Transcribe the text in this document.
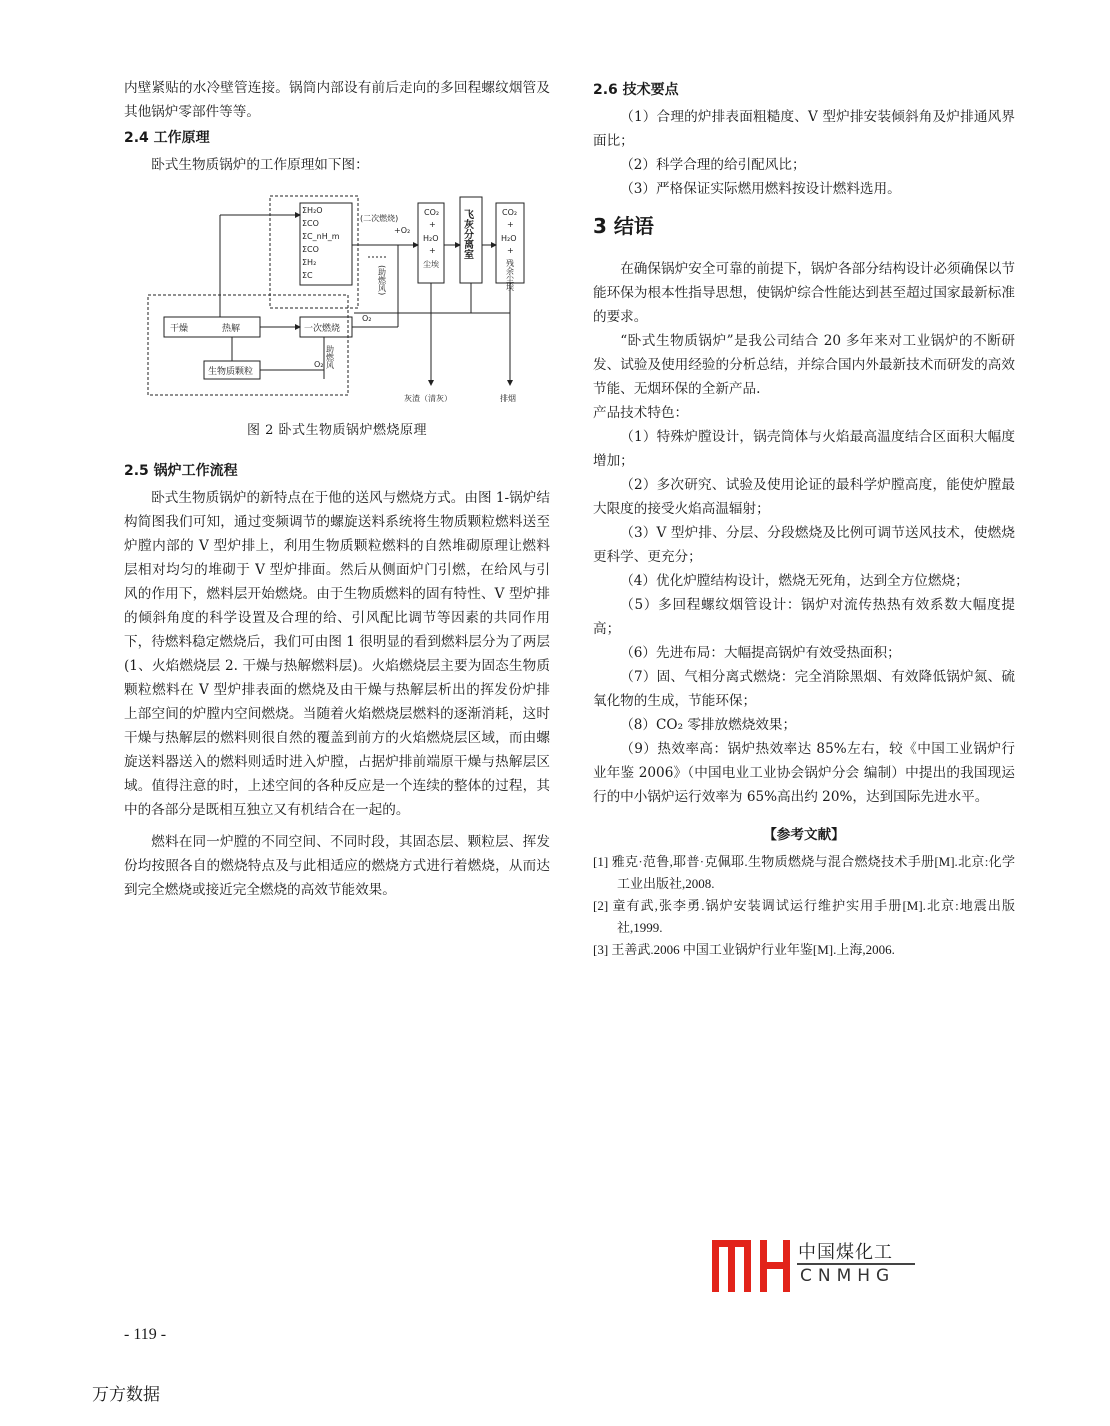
内壁紧贴的水冷壁管连接。锅筒内部设有前后走向的多回程螺纹烟管及其他锅炉零部件等等。

2.4 工作原理

卧式生物质锅炉的工作原理如下图：

ΣH₂O
ΣCO
ΣC_nH_m
ΣCO
ΣH₂
ΣC
(二次燃烧)
+O₂
(助燃风)
CO₂
+
H₂O
+
尘埃
飞灰分离室	CO₂
+
H₂O
+
残余尘埃
干燥	热解	一次燃烧
O₂
助燃风
生物质颗粒
O₂
灰渣（清灰）	排烟
图 2 卧式生物质锅炉燃烧原理
2.5 锅炉工作流程

卧式生物质锅炉的新特点在于他的送风与燃烧方式。由图 1-锅炉结构简图我们可知，通过变频调节的螺旋送料系统将生物质颗粒燃料送至炉膛内部的 V 型炉排上，利用生物质颗粒燃料的自然堆砌原理让燃料层相对均匀的堆砌于 V 型炉排面。然后从侧面炉门引燃，在给风与引风的作用下，燃料层开始燃烧。由于生物质燃料的固有特性、V 型炉排的倾斜角度的科学设置及合理的给、引风配比调节等因素的共同作用下，待燃料稳定燃烧后，我们可由图 1 很明显的看到燃料层分为了两层(1、火焰燃烧层 2. 干燥与热解燃料层)。火焰燃烧层主要为固态生物质颗粒燃料在 V 型炉排表面的燃烧及由干燥与热解层析出的挥发份炉排上部空间的炉膛内空间燃烧。当随着火焰燃烧层燃料的逐渐消耗，这时干燥与热解层的燃料则很自然的覆盖到前方的火焰燃烧层区域，而由螺旋送料器送入的燃料则适时进入炉膛，占据炉排前端原干燥与热解层区域。值得注意的时，上述空间的各种反应是一个连续的整体的过程，其中的各部分是既相互独立又有机结合在一起的。

燃料在同一炉膛的不同空间、不同时段，其固态层、颗粒层、挥发份均按照各自的燃烧特点及与此相适应的燃烧方式进行着燃烧，从而达到完全燃烧或接近完全燃烧的高效节能效果。

2.6 技术要点

（1）合理的炉排表面粗糙度、V 型炉排安装倾斜角及炉排通风界面比；

（2）科学合理的给引配风比；

（3）严格保证实际燃用燃料按设计燃料选用。

3 结语

在确保锅炉安全可靠的前提下，锅炉各部分结构设计必须确保以节能环保为根本性指导思想，使锅炉综合性能达到甚至超过国家最新标准的要求。

“卧式生物质锅炉”是我公司结合 20 多年来对工业锅炉的不断研发、试验及使用经验的分析总结，并综合国内外最新技术而研发的高效节能、无烟环保的全新产品.

产品技术特色：

（1）特殊炉膛设计，锅壳筒体与火焰最高温度结合区面积大幅度增加；

（2）多次研究、试验及使用论证的最科学炉膛高度，能使炉膛最大限度的接受火焰高温辐射；

（3）V 型炉排、分层、分段燃烧及比例可调节送风技术，使燃烧更科学、更充分；

（4）优化炉膛结构设计，燃烧无死角，达到全方位燃烧；

（5）多回程螺纹烟管设计：锅炉对流传热热有效系数大幅度提高；

（6）先进布局：大幅提高锅炉有效受热面积；

（7）固、气相分离式燃烧：完全消除黑烟、有效降低锅炉氮、硫氧化物的生成，节能环保；

（8）CO₂ 零排放燃烧效果；

（9）热效率高：锅炉热效率达 85%左右，较《中国工业锅炉行业年鉴 2006》（中国电业工业协会锅炉分会 编制）中提出的我国现运行的中小锅炉运行效率为 65%高出约 20%，达到国际先进水平。

【参考文献】

[1] 雅克·范鲁,耶普·克佩耶.生物质燃烧与混合燃烧技术手册[M].北京:化学工业出版社,2008.

[2] 童有武,张李勇.锅炉安装调试运行维护实用手册[M].北京:地震出版社,1999.

[3] 王善武.2006 中国工业锅炉行业年鉴[M].上海,2006.

中国煤化工
CNMHG
- 119 -
万方数据
